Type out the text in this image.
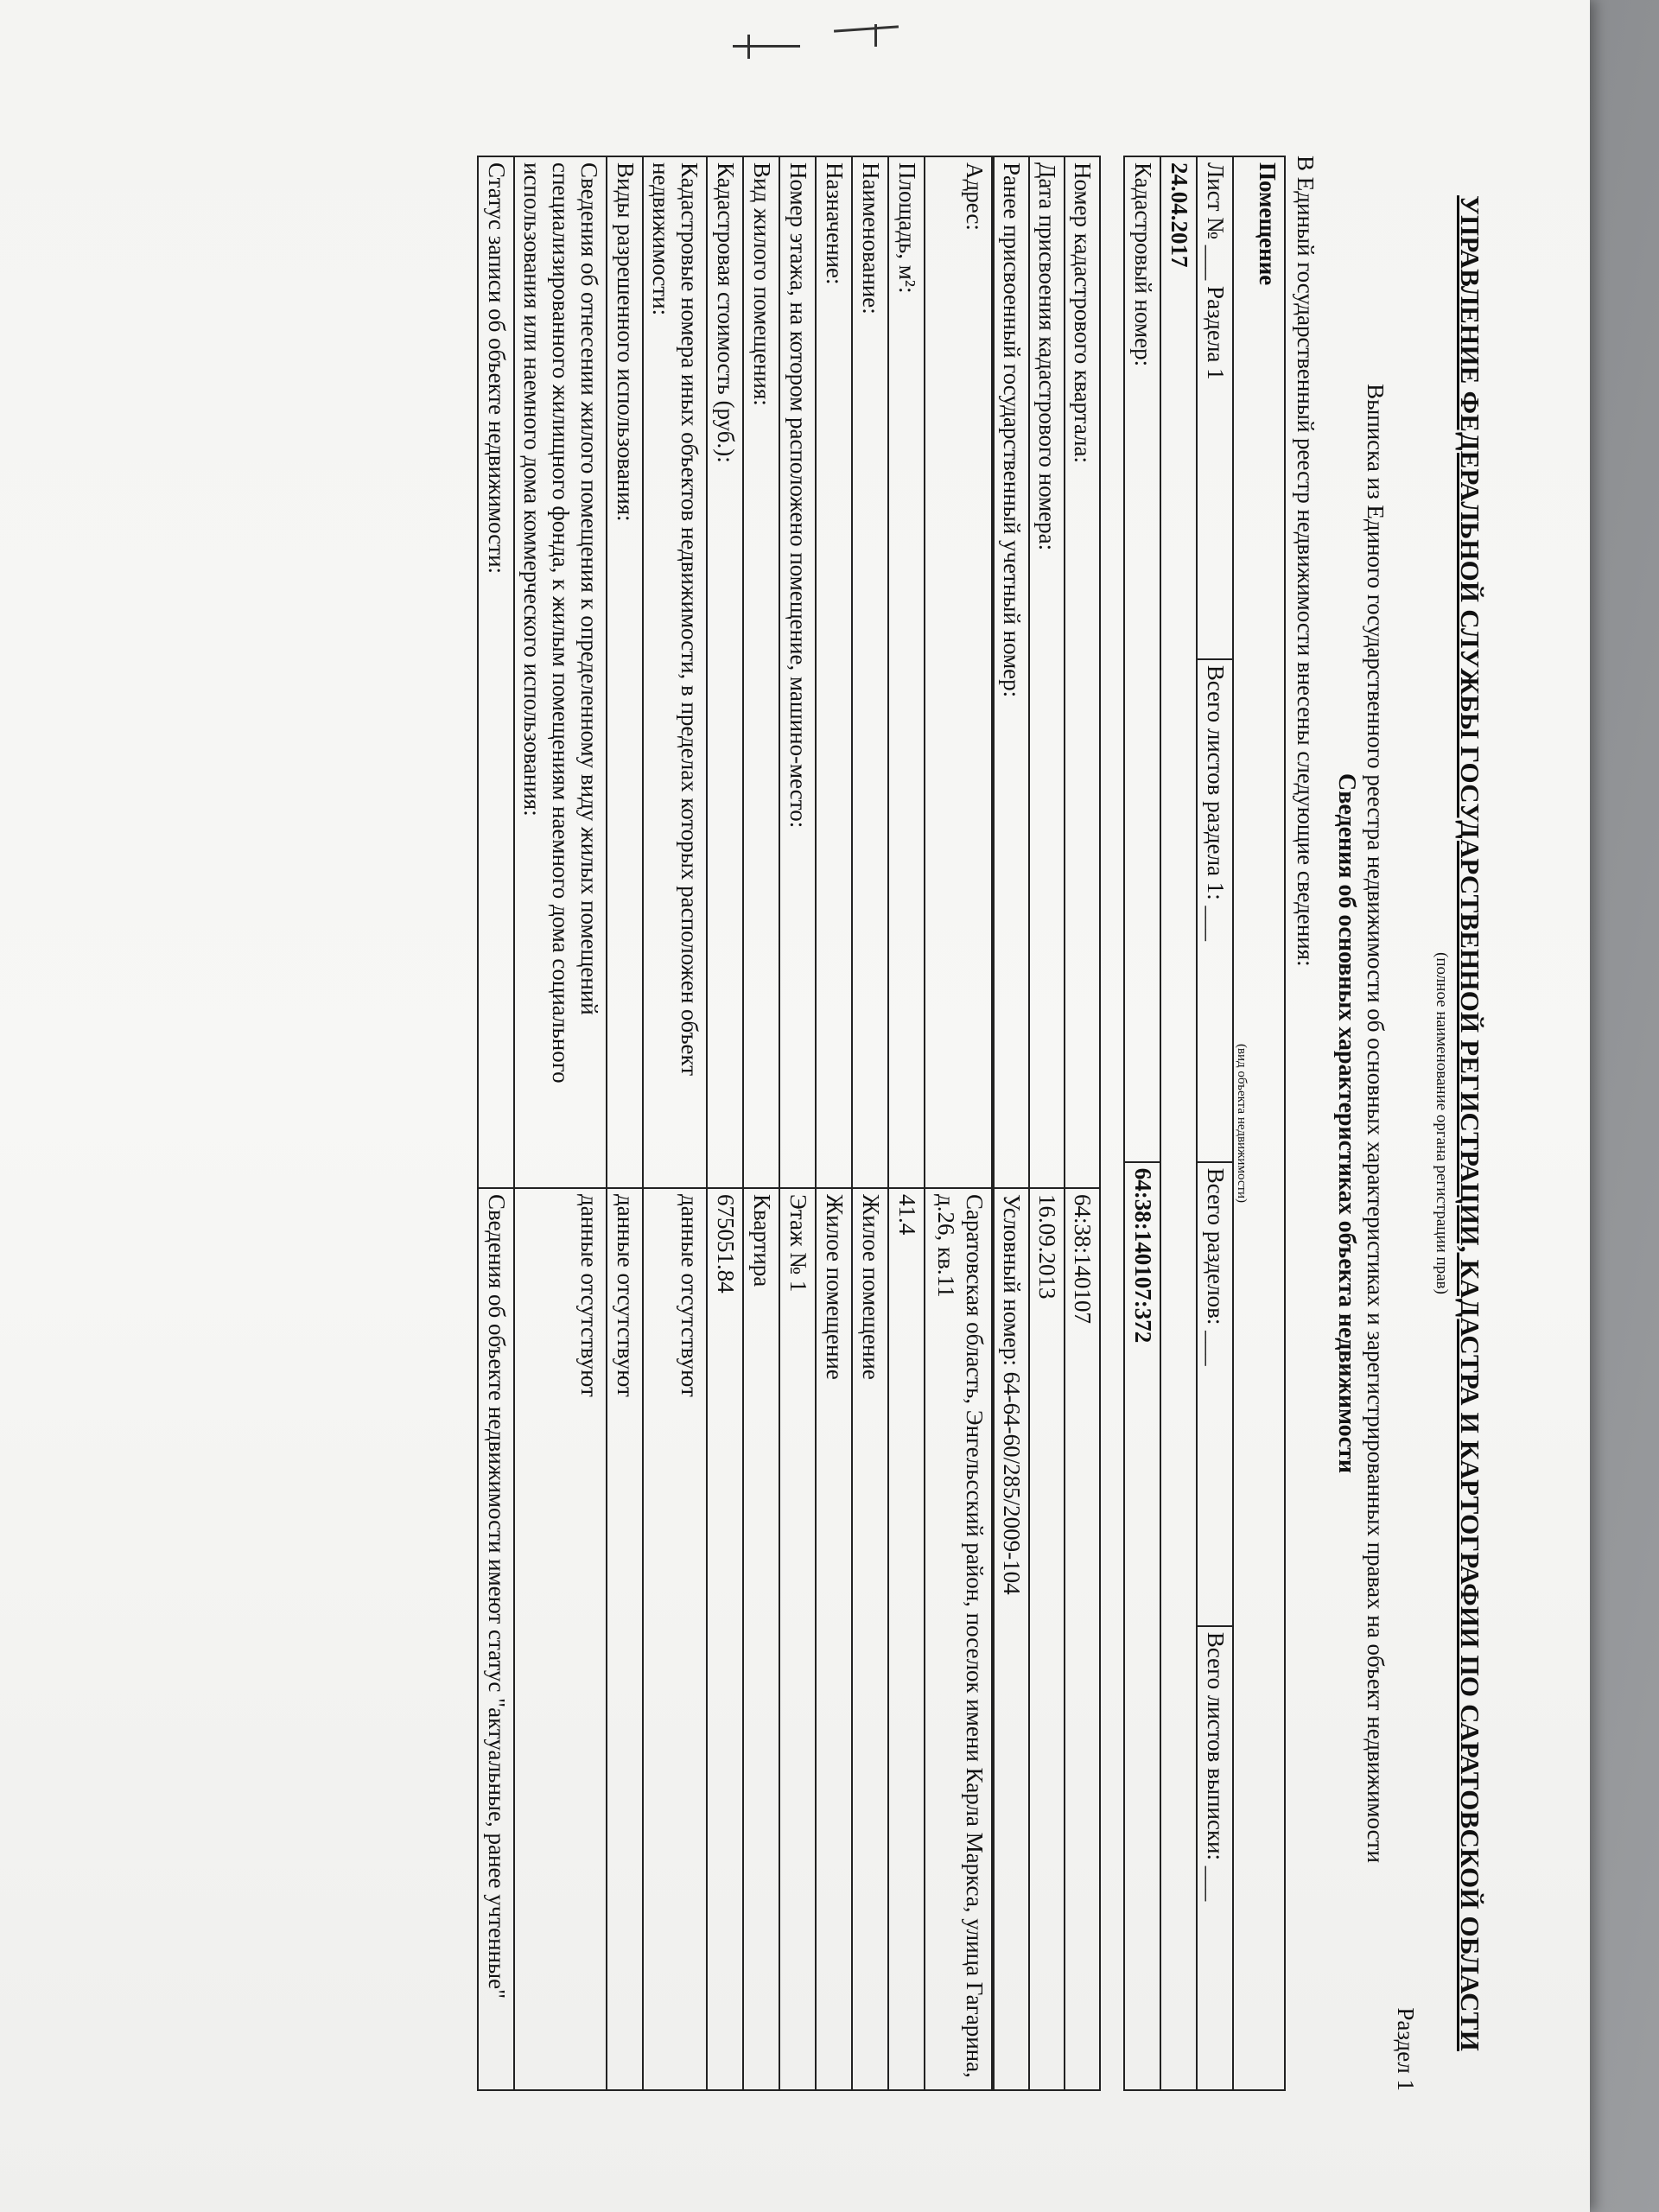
УПРАВЛЕНИЕ ФЕДЕРАЛЬНОЙ СЛУЖБЫ ГОСУДАРСТВЕННОЙ РЕГИСТРАЦИИ, КАДАСТРА И КАРТОГРАФИИ ПО САРАТОВСКОЙ ОБЛАСТИ
(полное наименование органа регистрации прав)
Раздел 1
Выписка из Единого государственного реестра недвижимости об основных характеристиках и зарегистрированных правах на объект недвижимости
Сведения об основных характеристиках объекта недвижимости
В Единый государственный реестр недвижимости внесены следующие сведения:
Помещение			
(вид объекта недвижимости)			
Лист № ___ Раздела 1	Всего листов раздела 1: ___	Всего разделов: ___	Всего листов выписки: ___
24.04.2017			
Кадастровый номер:		64:38:140107:372	
Номер кадастрового квартала:	64:38:140107
Дата присвоения кадастрового номера:	16.09.2013
Ранее присвоенный государственный учетный номер:	Условный номер: 64-64-60/285/2009-104
Адрес:	Саратовская область, Энгельсский район, поселок имени Карла Маркса, улица Гагарина, д.26, кв.11
Площадь, м²:	41.4
Наименование:	Жилое помещение
Назначение:	Жилое помещение
Номер этажа, на котором расположено помещение, машино-место:	Этаж № 1
Вид жилого помещения:	Квартира
Кадастровая стоимость (руб.):	675051.84
Кадастровые номера иных объектов недвижимости, в пределах которых расположен объект недвижимости:	данные отсутствуют
Виды разрешенного использования:	данные отсутствуют
Сведения об отнесении жилого помещения к определенному виду жилых помещений специализированного жилищного фонда, к жилым помещениям наемного дома социального использования или наемного дома коммерческого использования:	данные отсутствуют
Статус записи об объекте недвижимости:	Сведения об объекте недвижимости имеют статус "актуальные, ранее учтенные"
